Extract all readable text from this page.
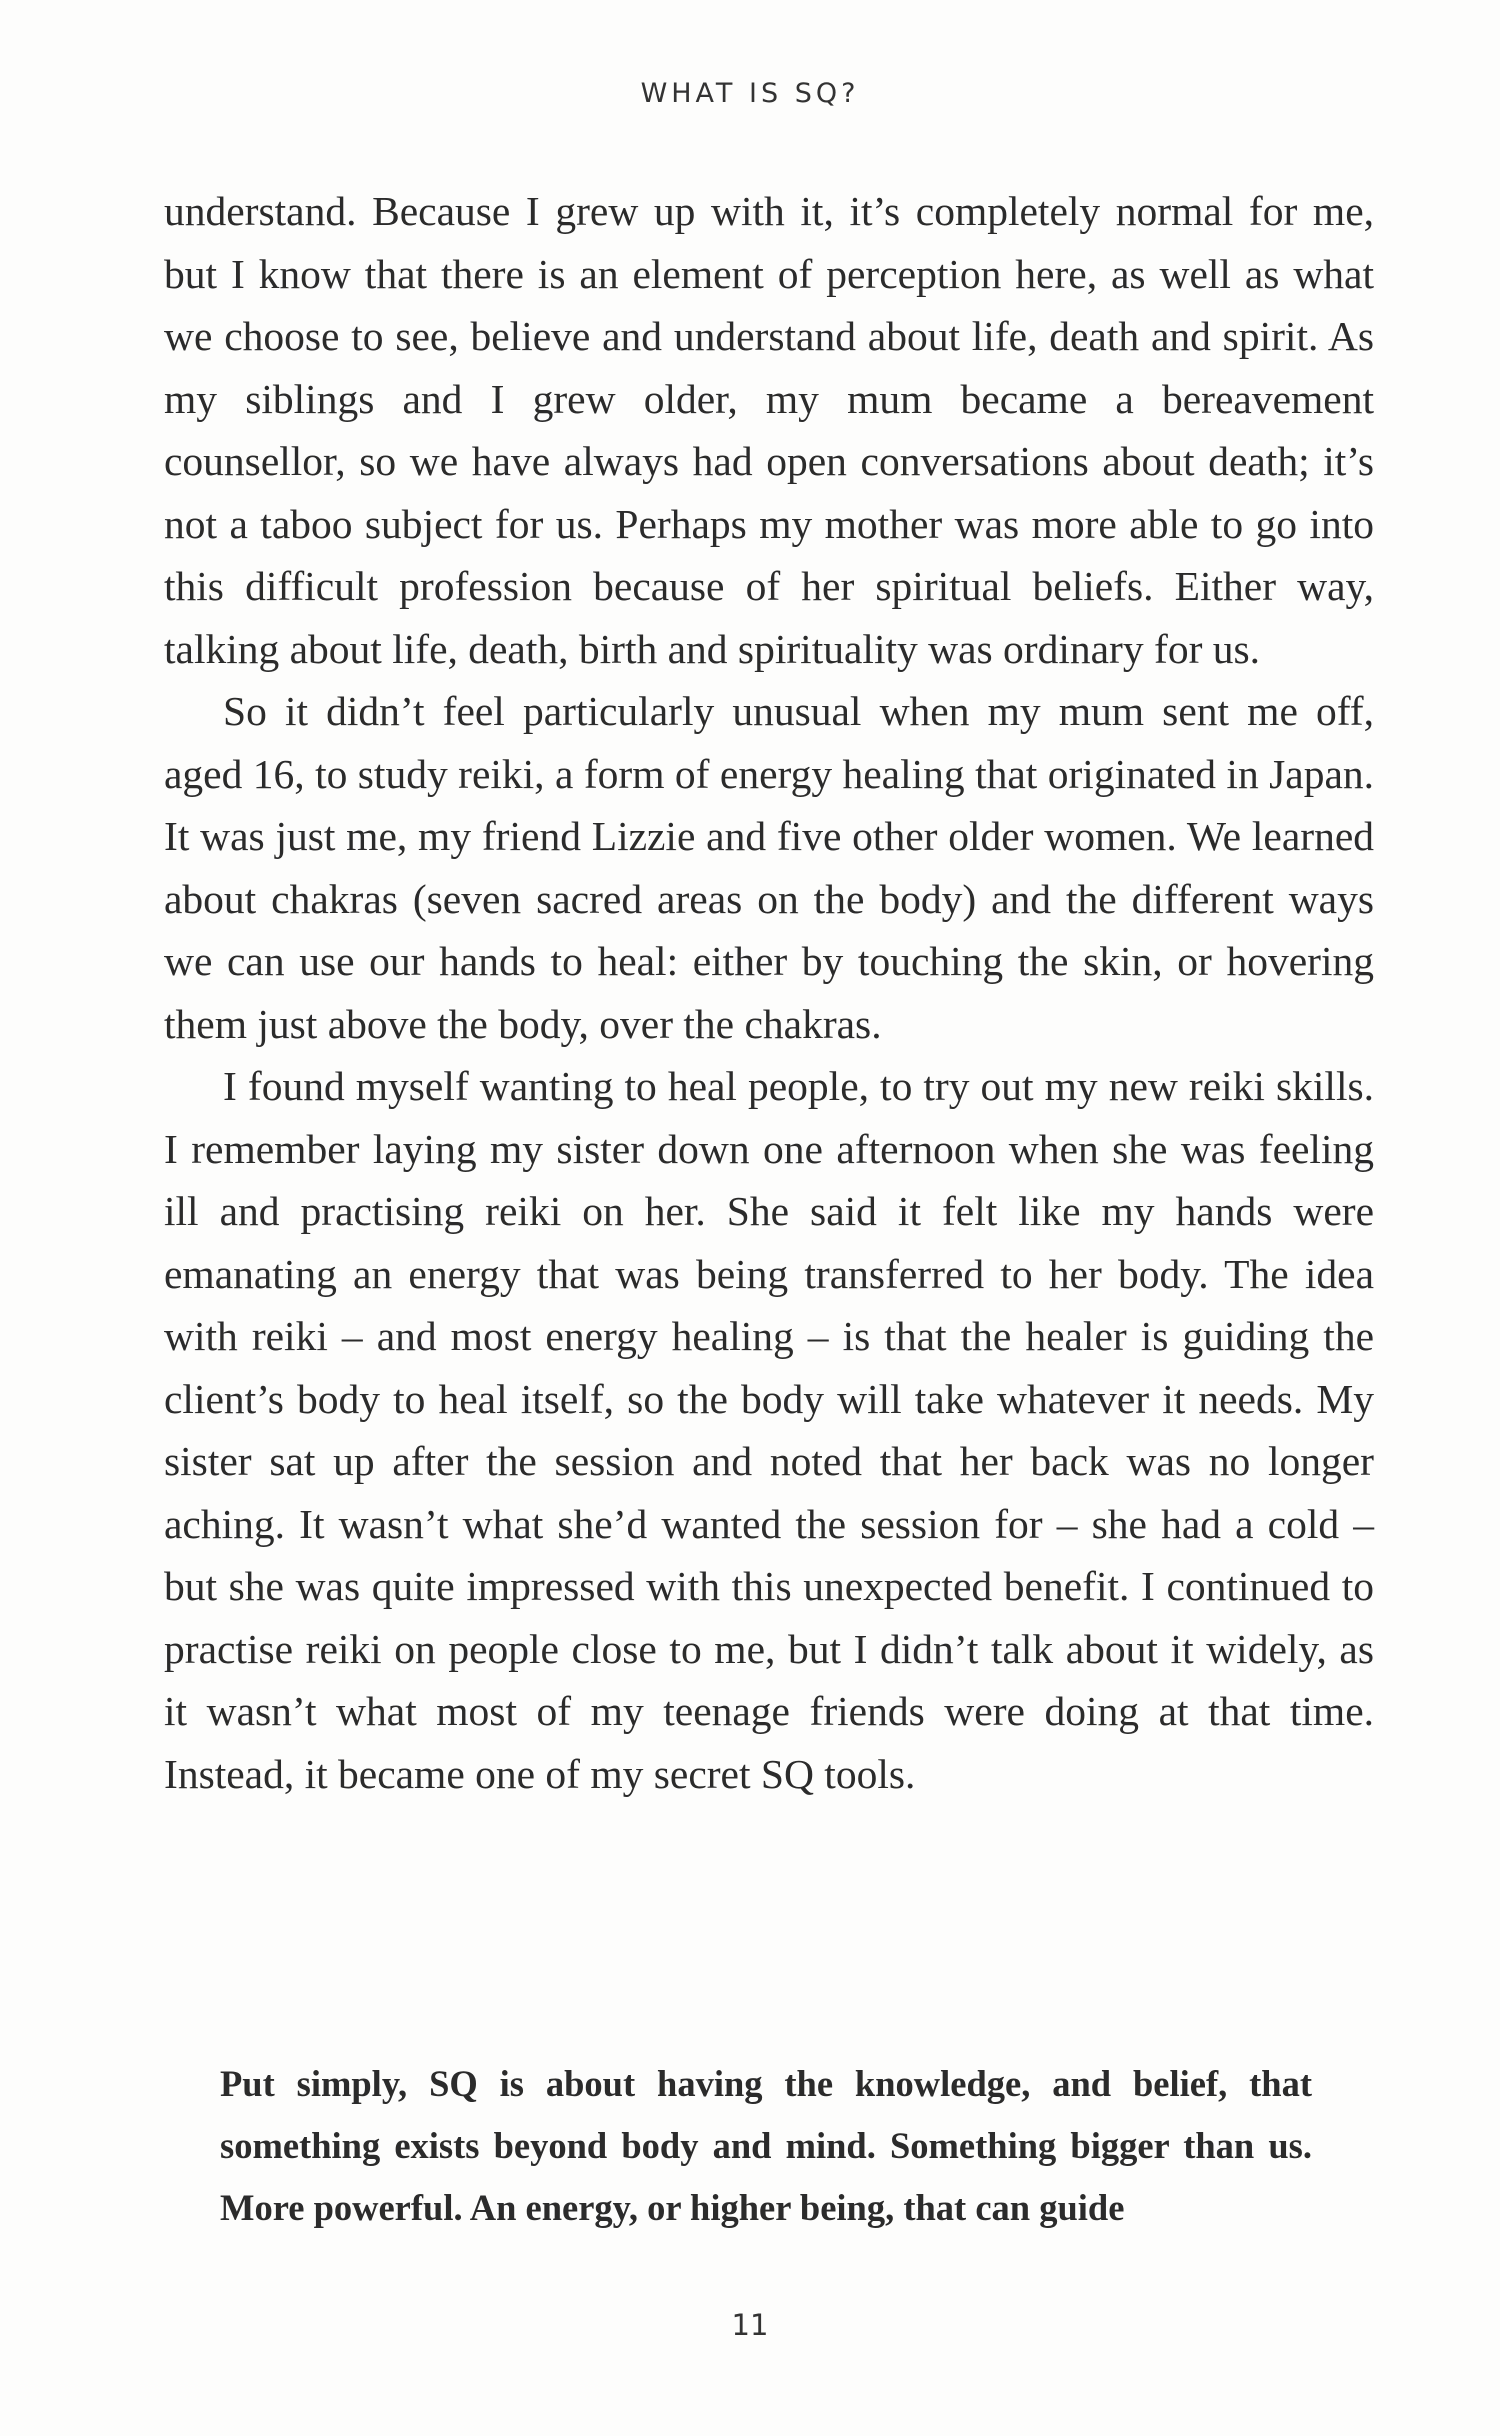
WHAT IS SQ?

understand. Because I grew up with it, it’s completely normal for me, but I know that there is an element of perception here, as well as what we choose to see, believe and understand about life, death and spirit. As my siblings and I grew older, my mum became a bereavement counsellor, so we have always had open conversations about death; it’s not a taboo subject for us. Perhaps my mother was more able to go into this difficult profession because of her spiritual beliefs. Either way, talking about life, death, birth and spirituality was ordinary for us.

So it didn’t feel particularly unusual when my mum sent me off, aged 16, to study reiki, a form of energy healing that originated in Japan. It was just me, my friend Lizzie and five other older women. We learned about chakras (seven sacred areas on the body) and the different ways we can use our hands to heal: either by touching the skin, or hovering them just above the body, over the chakras.

I found myself wanting to heal people, to try out my new reiki skills. I remember laying my sister down one afternoon when she was feeling ill and practising reiki on her. She said it felt like my hands were emanating an energy that was being transferred to her body. The idea with reiki – and most energy healing – is that the healer is guiding the client’s body to heal itself, so the body will take whatever it needs. My sister sat up after the session and noted that her back was no longer aching. It wasn’t what she’d wanted the session for – she had a cold – but she was quite impressed with this unexpected benefit. I continued to practise reiki on people close to me, but I didn’t talk about it widely, as it wasn’t what most of my teenage friends were doing at that time. Instead, it became one of my secret SQ tools.

Put simply, SQ is about having the knowledge, and belief, that something exists beyond body and mind. Something bigger than us. More powerful. An energy, or higher being, that can guide
11
